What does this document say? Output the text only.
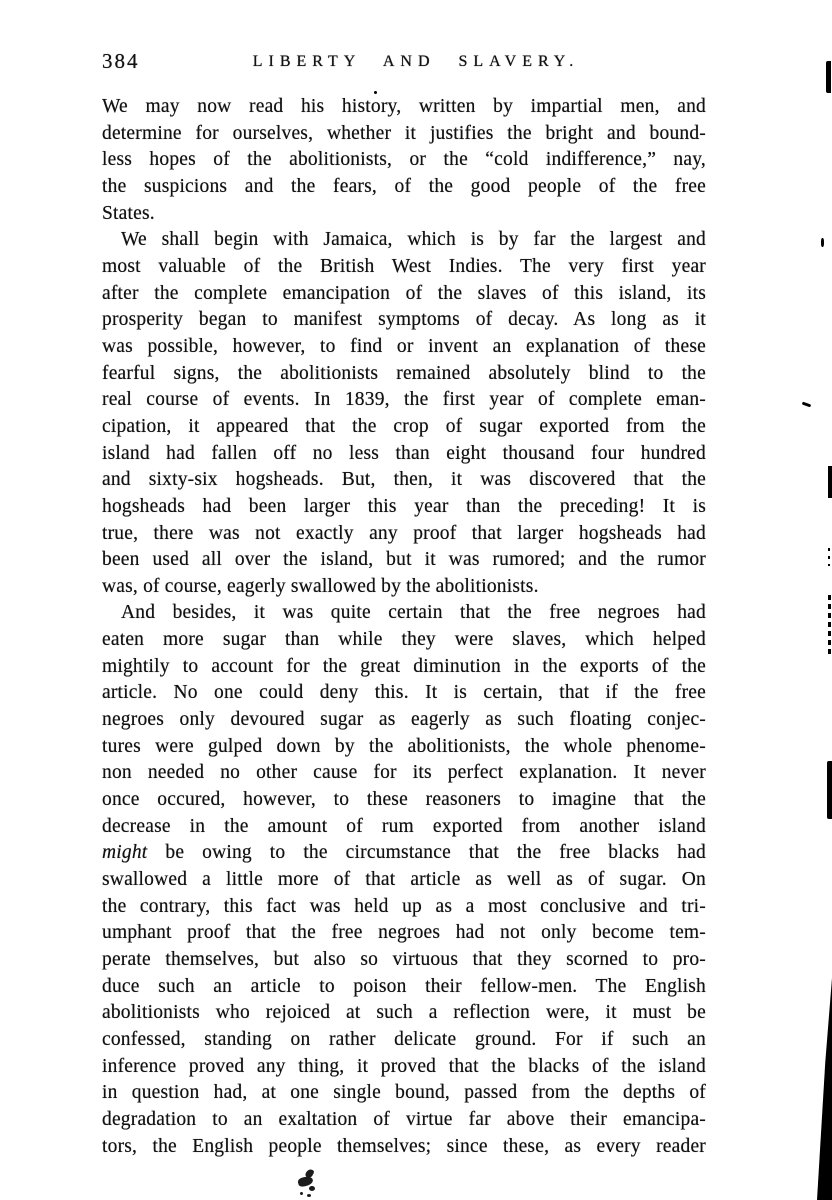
384	LIBERTY AND SLAVERY.
We may now read his history, written by impartial men, and
determine for ourselves, whether it justifies the bright and bound-
less hopes of the abolitionists, or the “cold indifference,” nay,
the suspicions and the fears, of the good people of the free
States.
We shall begin with Jamaica, which is by far the largest and
most valuable of the British West Indies. The very first year
after the complete emancipation of the slaves of this island, its
prosperity began to manifest symptoms of decay. As long as it
was possible, however, to find or invent an explanation of these
fearful signs, the abolitionists remained absolutely blind to the
real course of events. In 1839, the first year of complete eman-
cipation, it appeared that the crop of sugar exported from the
island had fallen off no less than eight thousand four hundred
and sixty-six hogsheads. But, then, it was discovered that the
hogsheads had been larger this year than the preceding! It is
true, there was not exactly any proof that larger hogsheads had
been used all over the island, but it was rumored; and the rumor
was, of course, eagerly swallowed by the abolitionists.
And besides, it was quite certain that the free negroes had
eaten more sugar than while they were slaves, which helped
mightily to account for the great diminution in the exports of the
article. No one could deny this. It is certain, that if the free
negroes only devoured sugar as eagerly as such floating conjec-
tures were gulped down by the abolitionists, the whole phenome-
non needed no other cause for its perfect explanation. It never
once occured, however, to these reasoners to imagine that the
decrease in the amount of rum exported from another island
might be owing to the circumstance that the free blacks had
swallowed a little more of that article as well as of sugar. On
the contrary, this fact was held up as a most conclusive and tri-
umphant proof that the free negroes had not only become tem-
perate themselves, but also so virtuous that they scorned to pro-
duce such an article to poison their fellow-men. The English
abolitionists who rejoiced at such a reflection were, it must be
confessed, standing on rather delicate ground. For if such an
inference proved any thing, it proved that the blacks of the island
in question had, at one single bound, passed from the depths of
degradation to an exaltation of virtue far above their emancipa-
tors, the English people themselves; since these, as every reader
